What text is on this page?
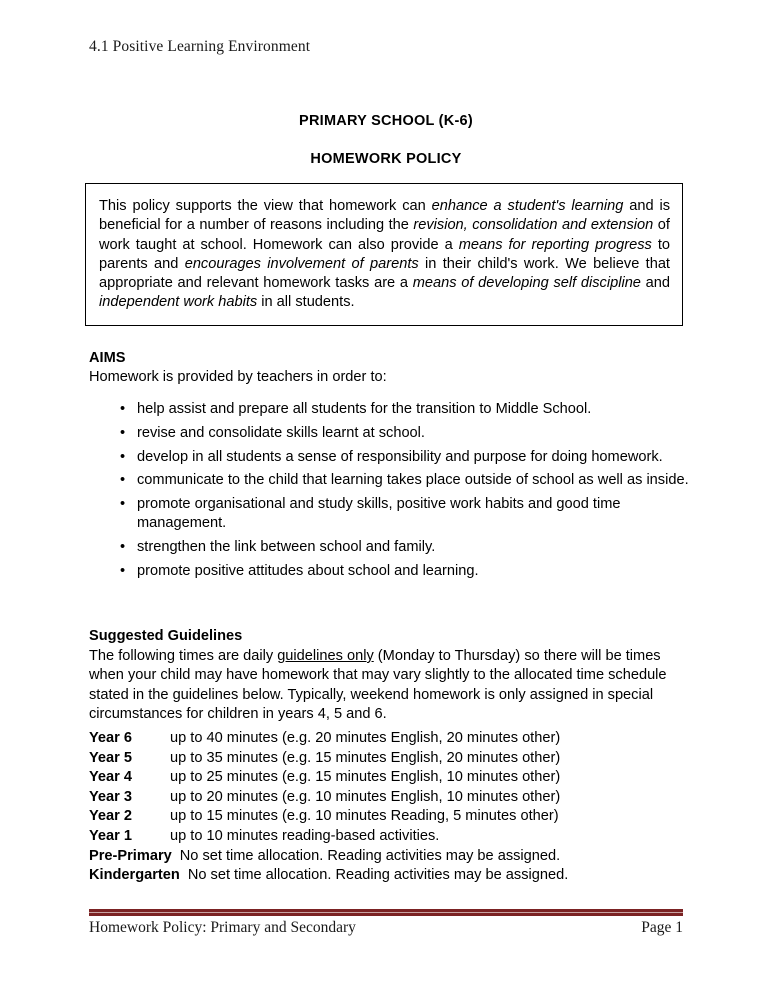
4.1 Positive Learning Environment
PRIMARY SCHOOL (K-6)
HOMEWORK POLICY

This policy supports the view that homework can enhance a student's learning and is beneficial for a number of reasons including the revision, consolidation and extension of work taught at school. Homework can also provide a means for reporting progress to parents and encourages involvement of parents in their child's work. We believe that appropriate and relevant homework tasks are a means of developing self discipline and independent work habits in all students.

AIMS
Homework is provided by teachers in order to:
• help assist and prepare all students for the transition to Middle School.
• revise and consolidate skills learnt at school.
• develop in all students a sense of responsibility and purpose for doing homework.
• communicate to the child that learning takes place outside of school as well as inside.
• promote organisational and study skills, positive work habits and good time management.
• strengthen the link between school and family.
• promote positive attitudes about school and learning.
Suggested Guidelines

The following times are daily guidelines only (Monday to Thursday) so there will be times when your child may have homework that may vary slightly to the allocated time schedule stated in the guidelines below. Typically, weekend homework is only assigned in special circumstances for children in years 4, 5 and 6.

Year 6	up to 40 minutes (e.g. 20 minutes English, 20 minutes other)
Year 5	up to 35 minutes (e.g. 15 minutes English, 20 minutes other)
Year 4	up to 25 minutes (e.g. 15 minutes English, 10 minutes other)
Year 3	up to 20 minutes (e.g. 10 minutes English, 10 minutes other)
Year 2	up to 15 minutes (e.g. 10 minutes Reading, 5 minutes other)
Year 1	up to 10 minutes reading-based activities.
Pre-Primary No set time allocation. Reading activities may be assigned.
Kindergarten No set time allocation. Reading activities may be assigned.
Homework Policy: Primary and Secondary	Page 1
